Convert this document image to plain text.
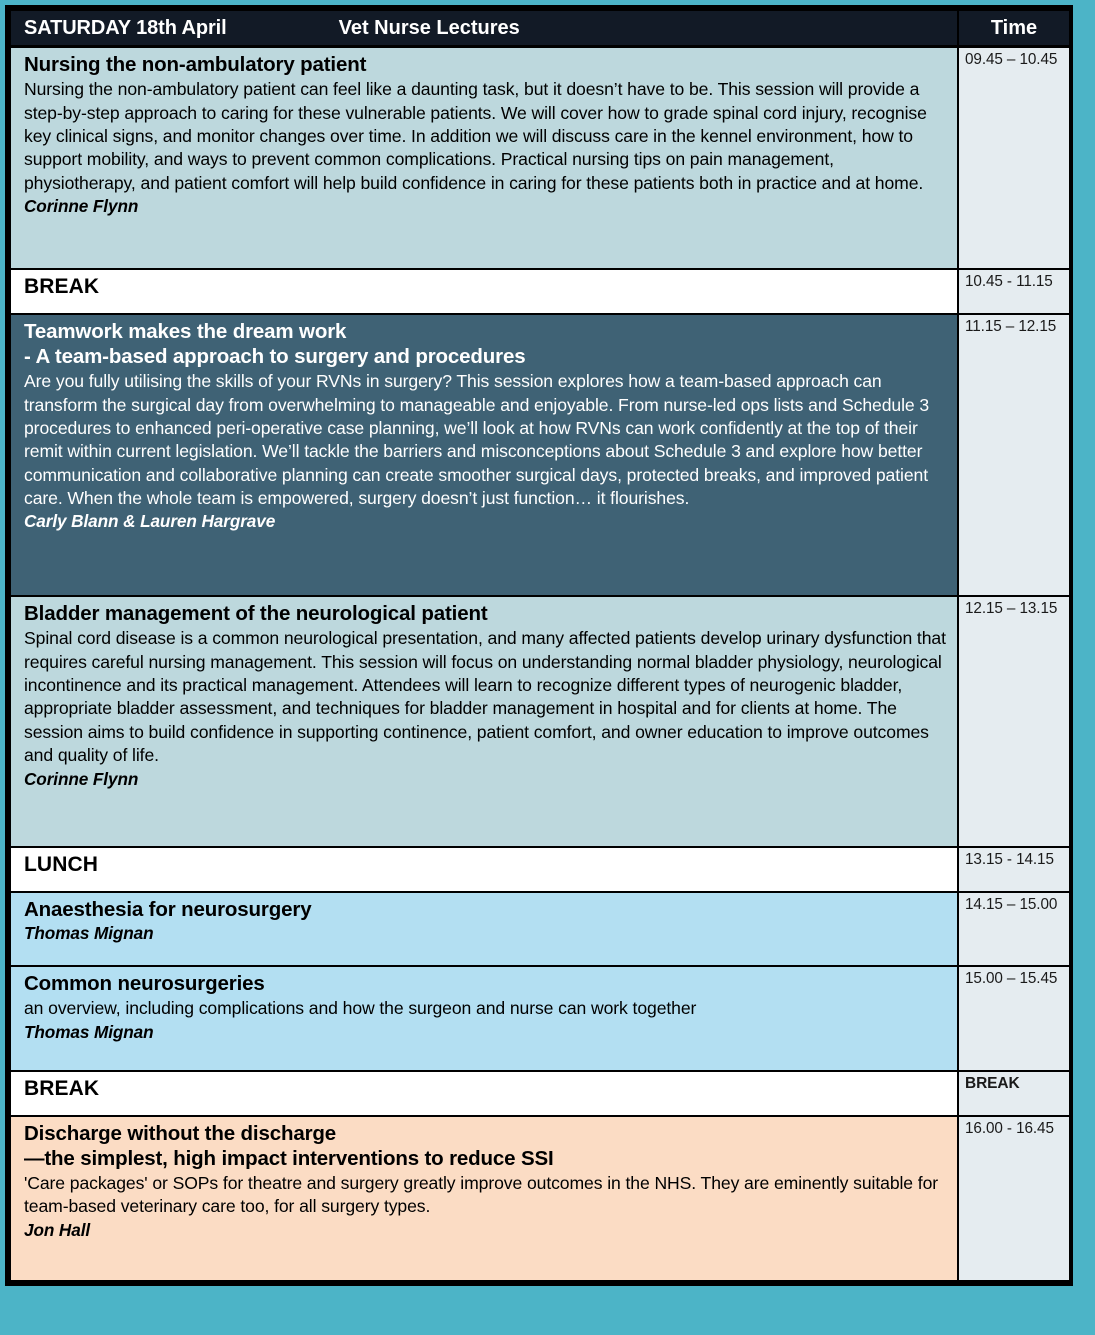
SATURDAY 18th April Vet Nurse Lectures	Time

Nursing the non-ambulatory patient
Nursing the non-ambulatory patient can feel like a daunting task, but it doesn’t have to be. This session will provide a step-by-step approach to caring for these vulnerable patients. We will cover how to grade spinal cord injury, recognise key clinical signs, and monitor changes over time. In addition we will discuss care in the kennel environment, how to support mobility, and ways to prevent common complications. Practical nursing tips on pain management, physiotherapy, and patient comfort will help build confidence in caring for these patients both in practice and at home.
Corinne Flynn	09.45 – 10.45

BREAK	10.45 - 11.15

Teamwork makes the dream work
- A team-based approach to surgery and procedures
Are you fully utilising the skills of your RVNs in surgery? This session explores how a team-based approach can transform the surgical day from overwhelming to manageable and enjoyable. From nurse-led ops lists and Schedule 3 procedures to enhanced peri-operative case planning, we’ll look at how RVNs can work confidently at the top of their remit within current legislation. We’ll tackle the barriers and misconceptions about Schedule 3 and explore how better communication and collaborative planning can create smoother surgical days, protected breaks, and improved patient care. When the whole team is empowered, surgery doesn’t just function… it flourishes.
Carly Blann & Lauren Hargrave	11.15 – 12.15

Bladder management of the neurological patient
Spinal cord disease is a common neurological presentation, and many affected patients develop urinary dysfunction that requires careful nursing management. This session will focus on understanding normal bladder physiology, neurological incontinence and its practical management. Attendees will learn to recognize different types of neurogenic bladder, appropriate bladder assessment, and techniques for bladder management in hospital and for clients at home. The session aims to build confidence in supporting continence, patient comfort, and owner education to improve outcomes and quality of life.
Corinne Flynn	12.15 – 13.15

LUNCH	13.15 - 14.15

Anaesthesia for neurosurgery
Thomas Mignan	14.15 – 15.00

Common neurosurgeries
an overview, including complications and how the surgeon and nurse can work together
Thomas Mignan	15.00 – 15.45

BREAK	BREAK

Discharge without the discharge
—the simplest, high impact interventions to reduce SSI
'Care packages' or SOPs for theatre and surgery greatly improve outcomes in the NHS. They are eminently suitable for team-based veterinary care too, for all surgery types.
Jon Hall	16.00 - 16.45
